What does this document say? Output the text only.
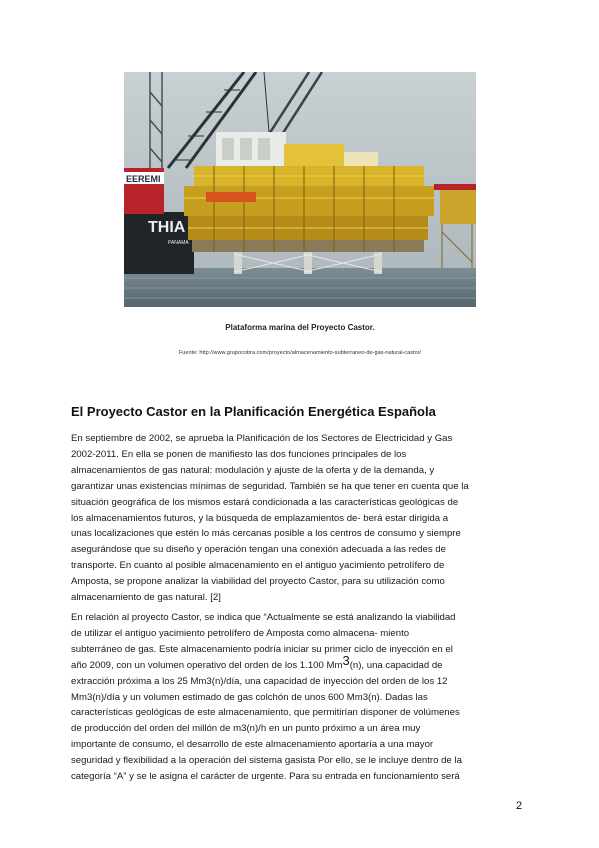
EEREMI
THIA
PANAMA
Plataforma marina del Proyecto Castor.
Fuente: http://www.grupocobra.com/proyecto/almacenamiento-subterraneo-de-gas-natural-castor/
El Proyecto Castor en la Planificación Energética Española
En septiembre de 2002, se aprueba la Planificación de los Sectores de Electricidad y Gas
2002-2011. En ella se ponen de manifiesto las dos funciones principales de los
almacenamientos de gas natural: modulación y ajuste de la oferta y de la demanda, y
garantizar unas existencias mínimas de seguridad. También se ha que tener en cuenta que la
situación geográfica de los mismos estará condicionada a las características geológicas de
los almacenamientos futuros, y la búsqueda de emplazamientos de- berá estar dirigida a
unas localizaciones que estén lo más cercanas posible a los centros de consumo y siempre
asegurándose que su diseño y operación tengan una conexión adecuada a las redes de
transporte. En cuanto al posible almacenamiento en el antiguo yacimiento petrolífero de
Amposta, se propone analizar la viabilidad del proyecto Castor, para su utilización como
almacenamiento de gas natural. [2]
En relación al proyecto Castor, se indica que “Actualmente se está analizando la viabilidad
de utilizar el antiguo yacimiento petrolífero de Amposta como almacena- miento
subterráneo de gas. Este almacenamiento podría iniciar su primer ciclo de inyección en el
año 2009, con un volumen operativo del orden de los 1.100 Mm$^3$(n), una capacidad de
extracción próxima a los 25 Mm3(n)/día, una capacidad de inyección del orden de los 12
Mm3(n)/día y un volumen estimado de gas colchón de unos 600 Mm3(n). Dadas las
características geológicas de este almacenamiento, que permitirían disponer de volúmenes
de producción del orden del millón de m3(n)/h en un punto próximo a un área muy
importante de consumo, el desarrollo de este almacenamiento aportaría a una mayor
seguridad y flexibilidad a la operación del sistema gasista Por ello, se le incluye dentro de la
categoría “A” y se le asigna el carácter de urgente. Para su entrada en funcionamiento será
2
